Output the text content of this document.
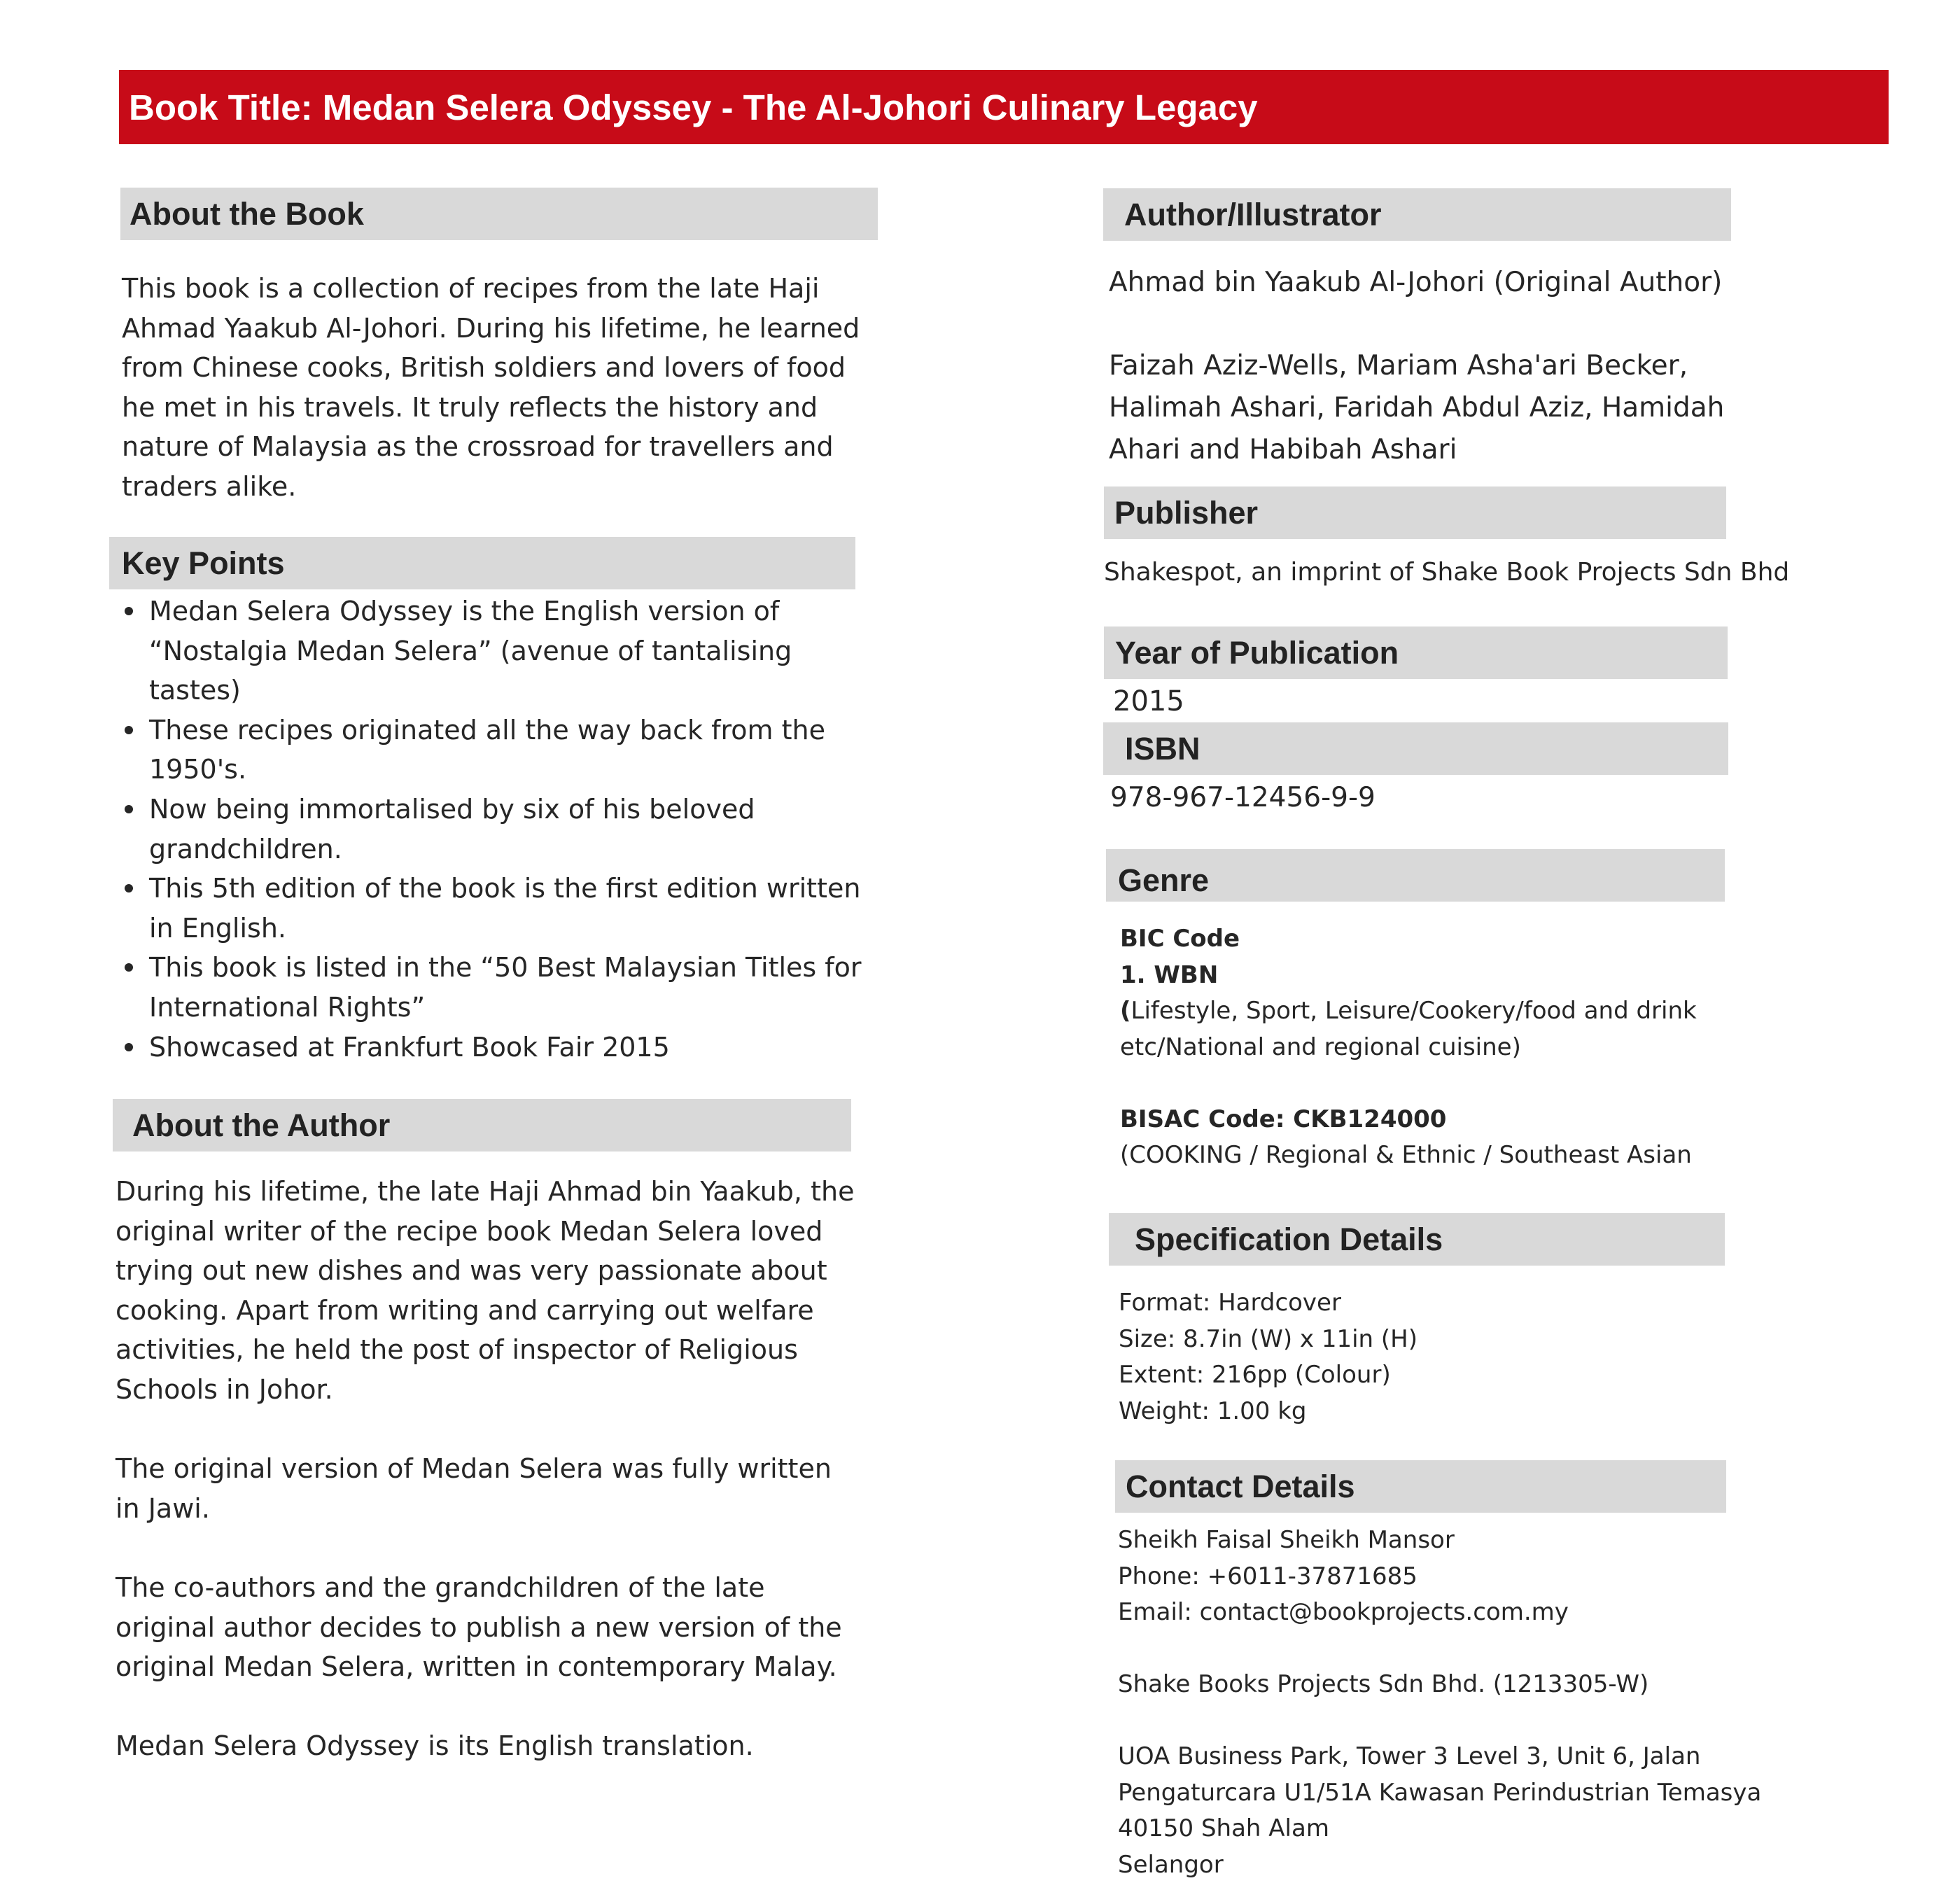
Book Title: Medan Selera Odyssey - The Al-Johori Culinary Legacy
About the Book

This book is a collection of recipes from the late Haji Ahmad Yaakub Al-Johori. During his lifetime, he learned from Chinese cooks, British soldiers and lovers of food he met in his travels. It truly reflects the history and nature of Malaysia as the crossroad for travellers and traders alike.

Key Points
Medan Selera Odyssey is the English version of “Nostalgia Medan Selera” (avenue of tantalising tastes)
These recipes originated all the way back from the 1950's.
Now being immortalised by six of his beloved grandchildren.
This 5th edition of the book is the first edition written in English.
This book is listed in the “50 Best Malaysian Titles for International Rights”
Showcased at Frankfurt Book Fair 2015
About the Author

During his lifetime, the late Haji Ahmad bin Yaakub, the original writer of the recipe book Medan Selera loved trying out new dishes and was very passionate about cooking. Apart from writing and carrying out welfare activities, he held the post of inspector of Religious Schools in Johor.

The original version of Medan Selera was fully written in Jawi.

The co-authors and the grandchildren of the late original author decides to publish a new version of the original Medan Selera, written in contemporary Malay.

Medan Selera Odyssey is its English translation.

Author/Illustrator

Ahmad bin Yaakub Al-Johori (Original Author)

Faizah Aziz-Wells, Mariam Asha'ari Becker, Halimah Ashari, Faridah Abdul Aziz, Hamidah Ahari and Habibah Ashari

Publisher

Shakespot, an imprint of Shake Book Projects Sdn Bhd

Year of Publication

2015

ISBN

978-967-12456-9-9

Genre

BIC Code

1. WBN

(Lifestyle, Sport, Leisure/Cookery/food and drink etc/National and regional cuisine)

BISAC Code: CKB124000

(COOKING / Regional & Ethnic / Southeast Asian

Specification Details

Format: Hardcover

Size: 8.7in (W) x 11in (H)

Extent: 216pp (Colour)

Weight: 1.00 kg

Contact Details

Sheikh Faisal Sheikh Mansor

Phone: +6011-37871685

Email: contact@bookprojects.com.my

Shake Books Projects Sdn Bhd. (1213305-W)

UOA Business Park, Tower 3 Level 3, Unit 6, Jalan

Pengaturcara U1/51A Kawasan Perindustrian Temasya

40150 Shah Alam

Selangor
